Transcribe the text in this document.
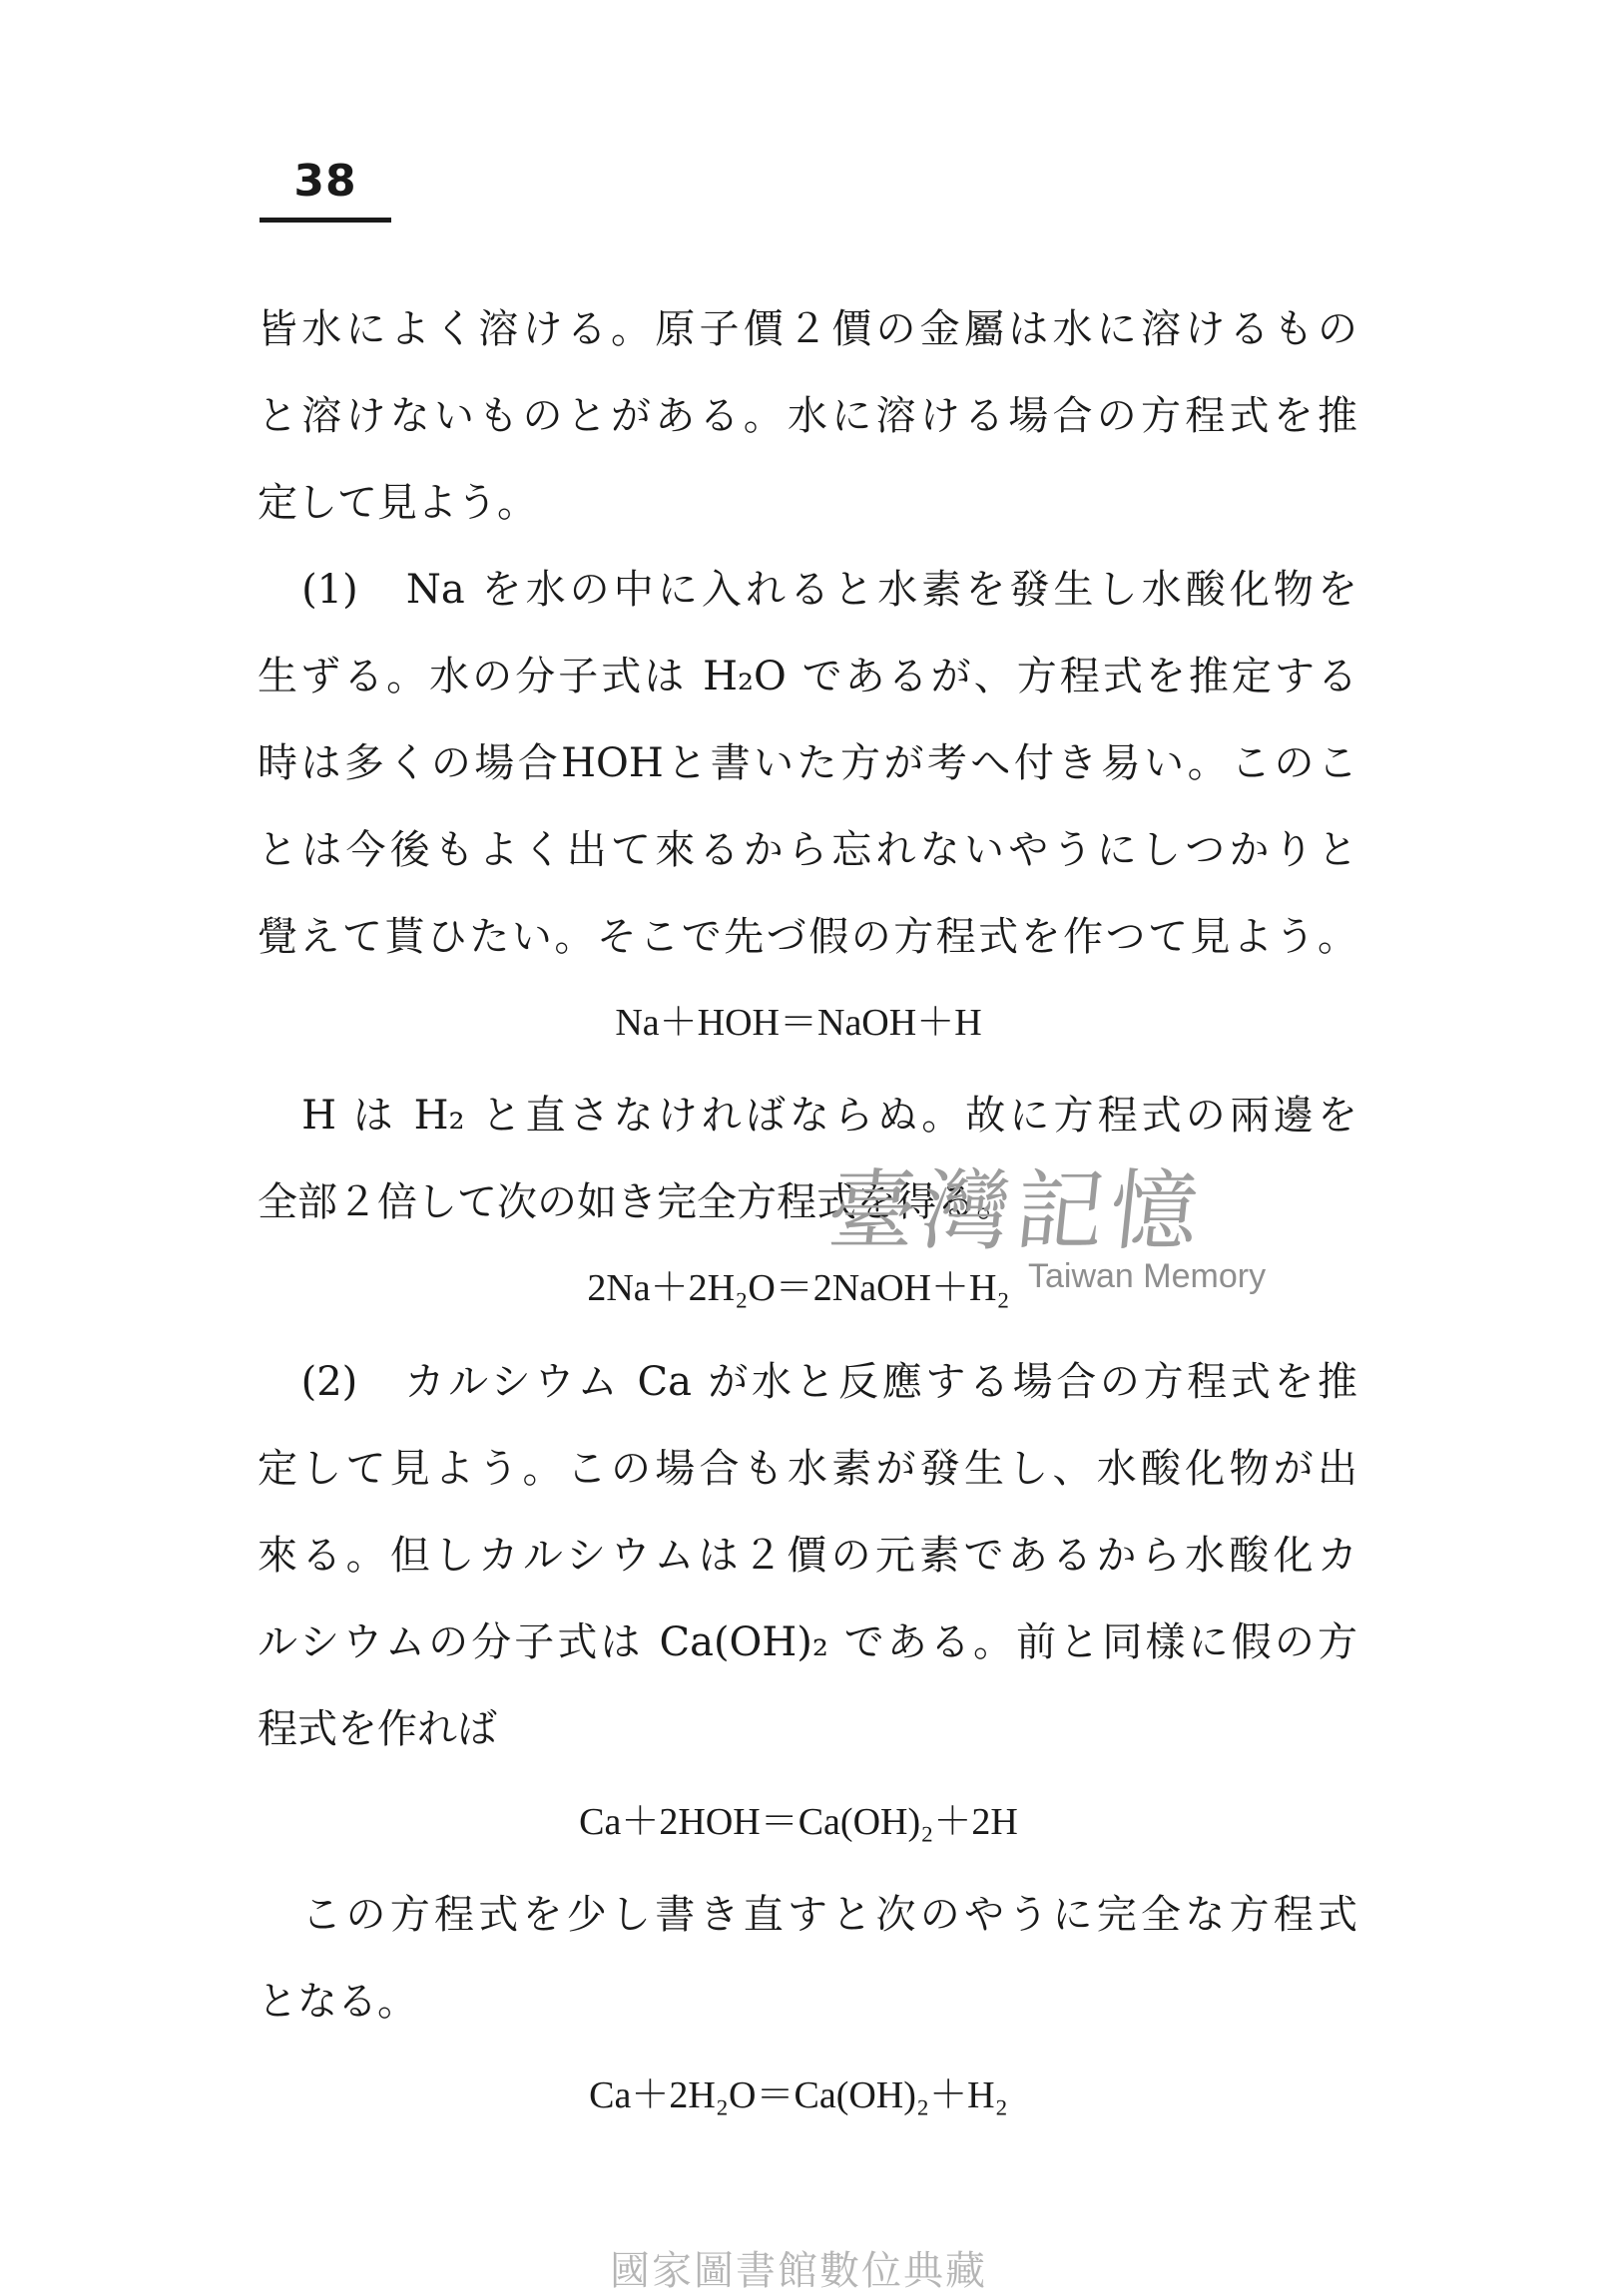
38
皆水によく溶ける。原子價２價の金屬は水に溶けるもの
と溶けないものとがある。水に溶ける場合の方程式を推
定して見よう。
　(1)　Na を水の中に入れると水素を發生し水酸化物を
生ずる。水の分子式は H₂O であるが、方程式を推定する
時は多くの場合HOHと書いた方が考へ付き易い。このこ
とは今後もよく出て來るから忘れないやうにしつかりと
覺えて貰ひたい。そこで先づ假の方程式を作つて見よう。
Na＋HOH＝NaOH＋H
　H は H₂ と直さなければならぬ。故に方程式の兩邊を
全部２倍して次の如き完全方程式を得る。
2Na＋2H₂O＝2NaOH＋H₂
　(2)　カルシウム Ca が水と反應する場合の方程式を推
定して見よう。この場合も水素が發生し、水酸化物が出
來る。但しカルシウムは２價の元素であるから水酸化カ
ルシウムの分子式は Ca(OH)₂ である。前と同樣に假の方
程式を作れば
Ca＋2HOH＝Ca(OH)₂＋2H
　この方程式を少し書き直すと次のやうに完全な方程式
となる。
Ca＋2H₂O＝Ca(OH)₂＋H₂
臺灣記憶
Taiwan Memory
國家圖書館數位典藏
